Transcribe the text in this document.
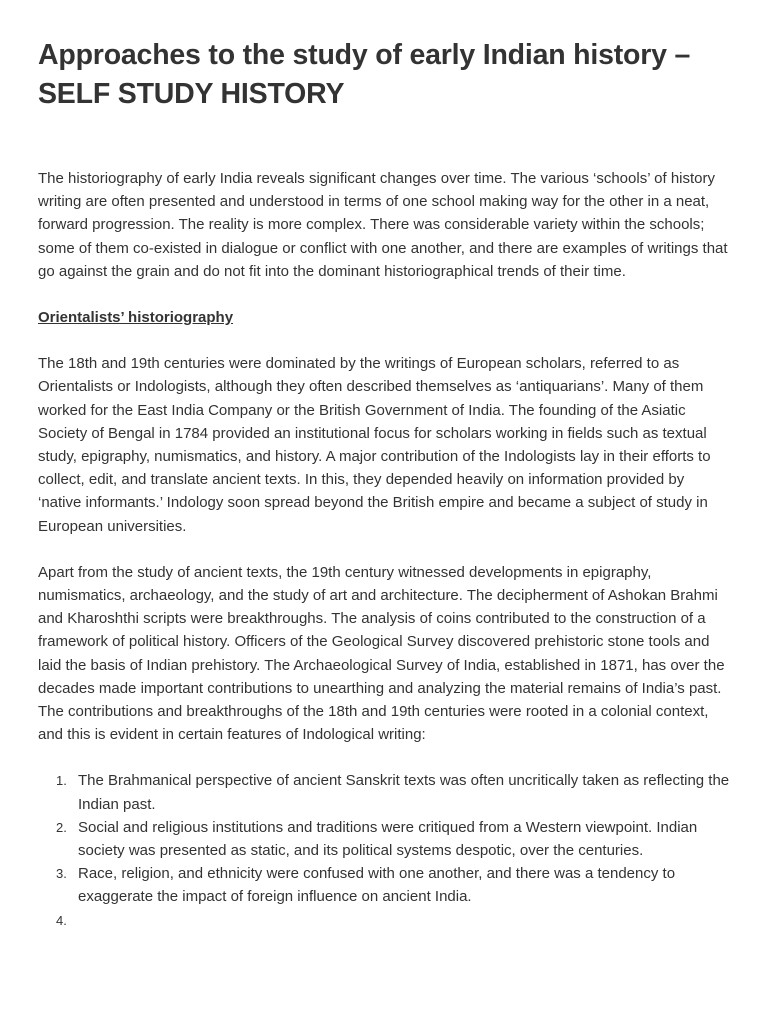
Approaches to the study of early Indian history – SELF STUDY HISTORY

The historiography of early India reveals significant changes over time. The various ‘schools’ of history writing are often presented and understood in terms of one school making way for the other in a neat, forward progression. The reality is more complex. There was considerable variety within the schools; some of them co-existed in dialogue or conflict with one another, and there are examples of writings that go against the grain and do not fit into the dominant historiographical trends of their time.

Orientalists’ historiography

The 18th and 19th centuries were dominated by the writings of European scholars, referred to as Orientalists or Indologists, although they often described themselves as ‘antiquarians’. Many of them worked for the East India Company or the British Government of India. The founding of the Asiatic Society of Bengal in 1784 provided an institutional focus for scholars working in fields such as textual study, epigraphy, numismatics, and history. A major contribution of the Indologists lay in their efforts to collect, edit, and translate ancient texts. In this, they depended heavily on information provided by ‘native informants.’ Indology soon spread beyond the British empire and became a subject of study in European universities.

Apart from the study of ancient texts, the 19th century witnessed developments in epigraphy, numismatics, archaeology, and the study of art and architecture. The decipherment of Ashokan Brahmi and Kharoshthi scripts were breakthroughs. The analysis of coins contributed to the construction of a framework of political history. Officers of the Geological Survey discovered prehistoric stone tools and laid the basis of Indian prehistory. The Archaeological Survey of India, established in 1871, has over the decades made important contributions to unearthing and analyzing the material remains of India’s past. The contributions and breakthroughs of the 18th and 19th centuries were rooted in a colonial context, and this is evident in certain features of Indological writing:

1. The Brahmanical perspective of ancient Sanskrit texts was often uncritically taken as reflecting the Indian past.
2. Social and religious institutions and traditions were critiqued from a Western viewpoint. Indian society was presented as static, and its political systems despotic, over the centuries.
3. Race, religion, and ethnicity were confused with one another, and there was a tendency to exaggerate the impact of foreign influence on ancient India.
4.
